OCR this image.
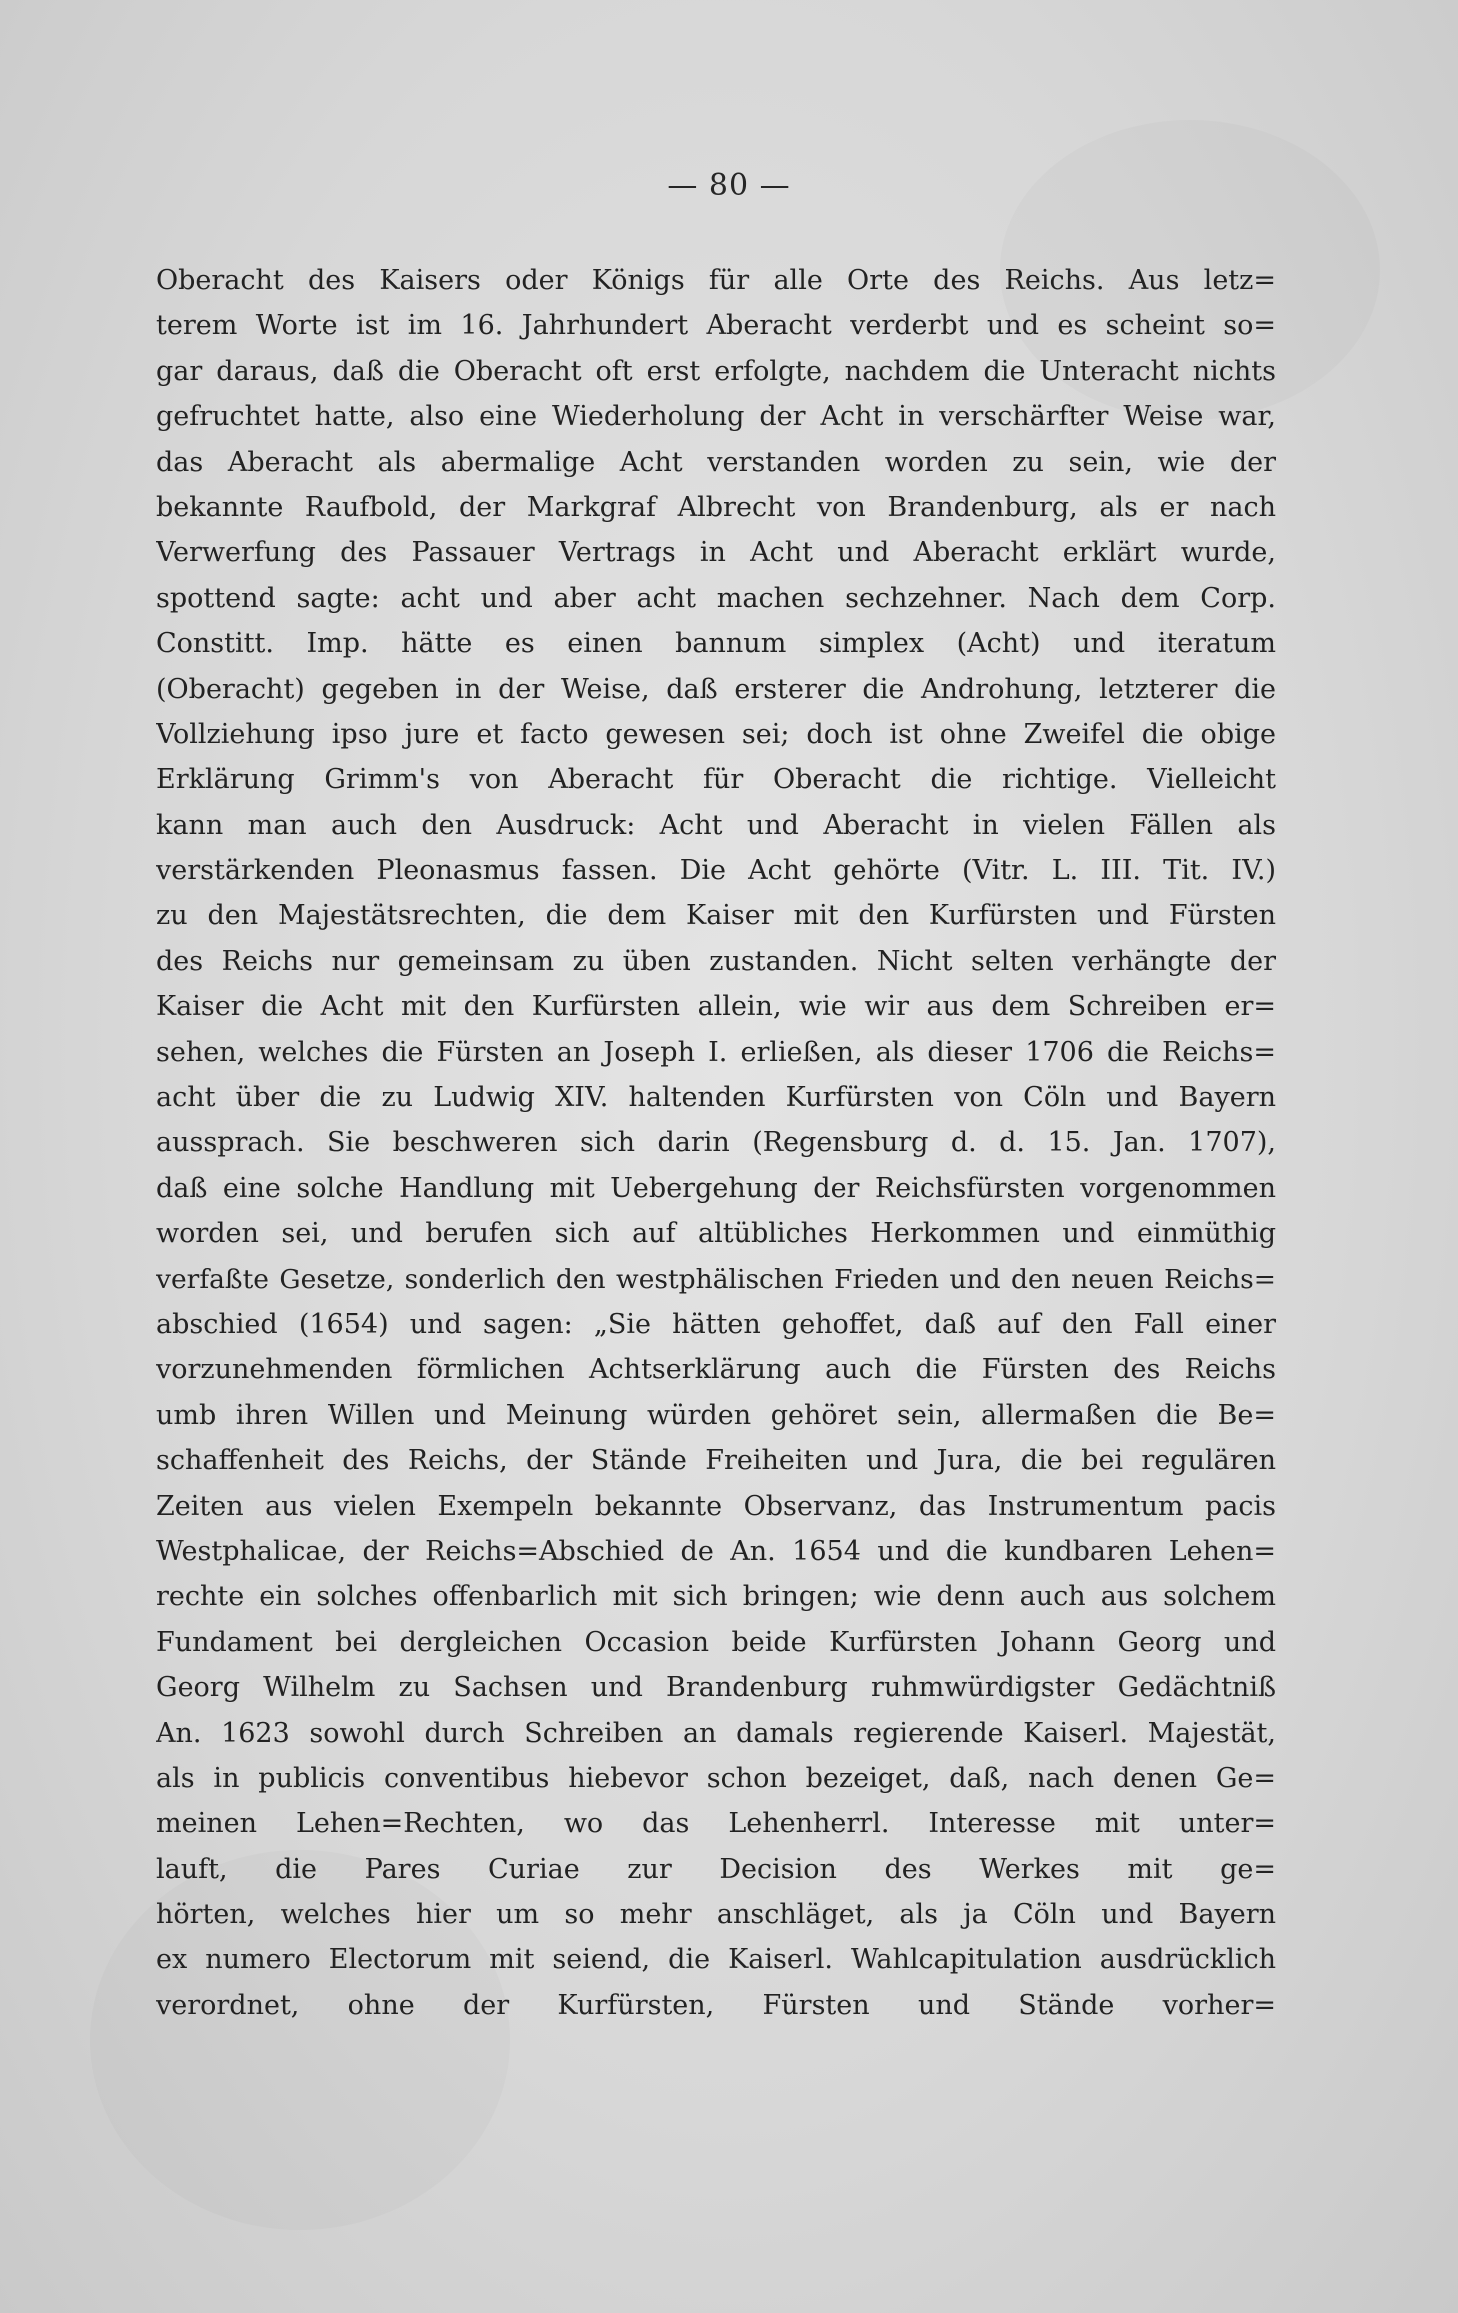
— 80 —
Oberacht des Kaisers oder Königs für alle Orte des Reichs. Aus letz=
terem Worte ist im 16. Jahrhundert Aberacht verderbt und es scheint so=
gar daraus, daß die Oberacht oft erst erfolgte, nachdem die Unteracht nichts
gefruchtet hatte, also eine Wiederholung der Acht in verschärfter Weise war,
das Aberacht als abermalige Acht verstanden worden zu sein, wie der
bekannte Raufbold, der Markgraf Albrecht von Brandenburg, als er nach
Verwerfung des Passauer Vertrags in Acht und Aberacht erklärt wurde,
spottend sagte: acht und aber acht machen sechzehner. Nach dem Corp.
Constitt. Imp. hätte es einen bannum simplex (Acht) und iteratum
(Oberacht) gegeben in der Weise, daß ersterer die Androhung, letzterer die
Vollziehung ipso jure et facto gewesen sei; doch ist ohne Zweifel die obige
Erklärung Grimm's von Aberacht für Oberacht die richtige. Vielleicht
kann man auch den Ausdruck: Acht und Aberacht in vielen Fällen als
verstärkenden Pleonasmus fassen. Die Acht gehörte (Vitr. L. III. Tit. IV.)
zu den Majestätsrechten, die dem Kaiser mit den Kurfürsten und Fürsten
des Reichs nur gemeinsam zu üben zustanden. Nicht selten verhängte der
Kaiser die Acht mit den Kurfürsten allein, wie wir aus dem Schreiben er=
sehen, welches die Fürsten an Joseph I. erließen, als dieser 1706 die Reichs=
acht über die zu Ludwig XIV. haltenden Kurfürsten von Cöln und Bayern
aussprach. Sie beschweren sich darin (Regensburg d. d. 15. Jan. 1707),
daß eine solche Handlung mit Uebergehung der Reichsfürsten vorgenommen
worden sei, und berufen sich auf altübliches Herkommen und einmüthig
verfaßte Gesetze, sonderlich den westphälischen Frieden und den neuen Reichs=
abschied (1654) und sagen: „Sie hätten gehoffet, daß auf den Fall einer
vorzunehmenden förmlichen Achtserklärung auch die Fürsten des Reichs
umb ihren Willen und Meinung würden gehöret sein, allermaßen die Be=
schaffenheit des Reichs, der Stände Freiheiten und Jura, die bei regulären
Zeiten aus vielen Exempeln bekannte Observanz, das Instrumentum pacis
Westphalicae, der Reichs=Abschied de An. 1654 und die kundbaren Lehen=
rechte ein solches offenbarlich mit sich bringen; wie denn auch aus solchem
Fundament bei dergleichen Occasion beide Kurfürsten Johann Georg und
Georg Wilhelm zu Sachsen und Brandenburg ruhmwürdigster Gedächtniß
An. 1623 sowohl durch Schreiben an damals regierende Kaiserl. Majestät,
als in publicis conventibus hiebevor schon bezeiget, daß, nach denen Ge=
meinen Lehen=Rechten, wo das Lehenherrl. Interesse mit unter=
lauft, die Pares Curiae zur Decision des Werkes mit ge=
hörten, welches hier um so mehr anschläget, als ja Cöln und Bayern
ex numero Electorum mit seiend, die Kaiserl. Wahlcapitulation ausdrücklich
verordnet, ohne der Kurfürsten, Fürsten und Stände vorher=
